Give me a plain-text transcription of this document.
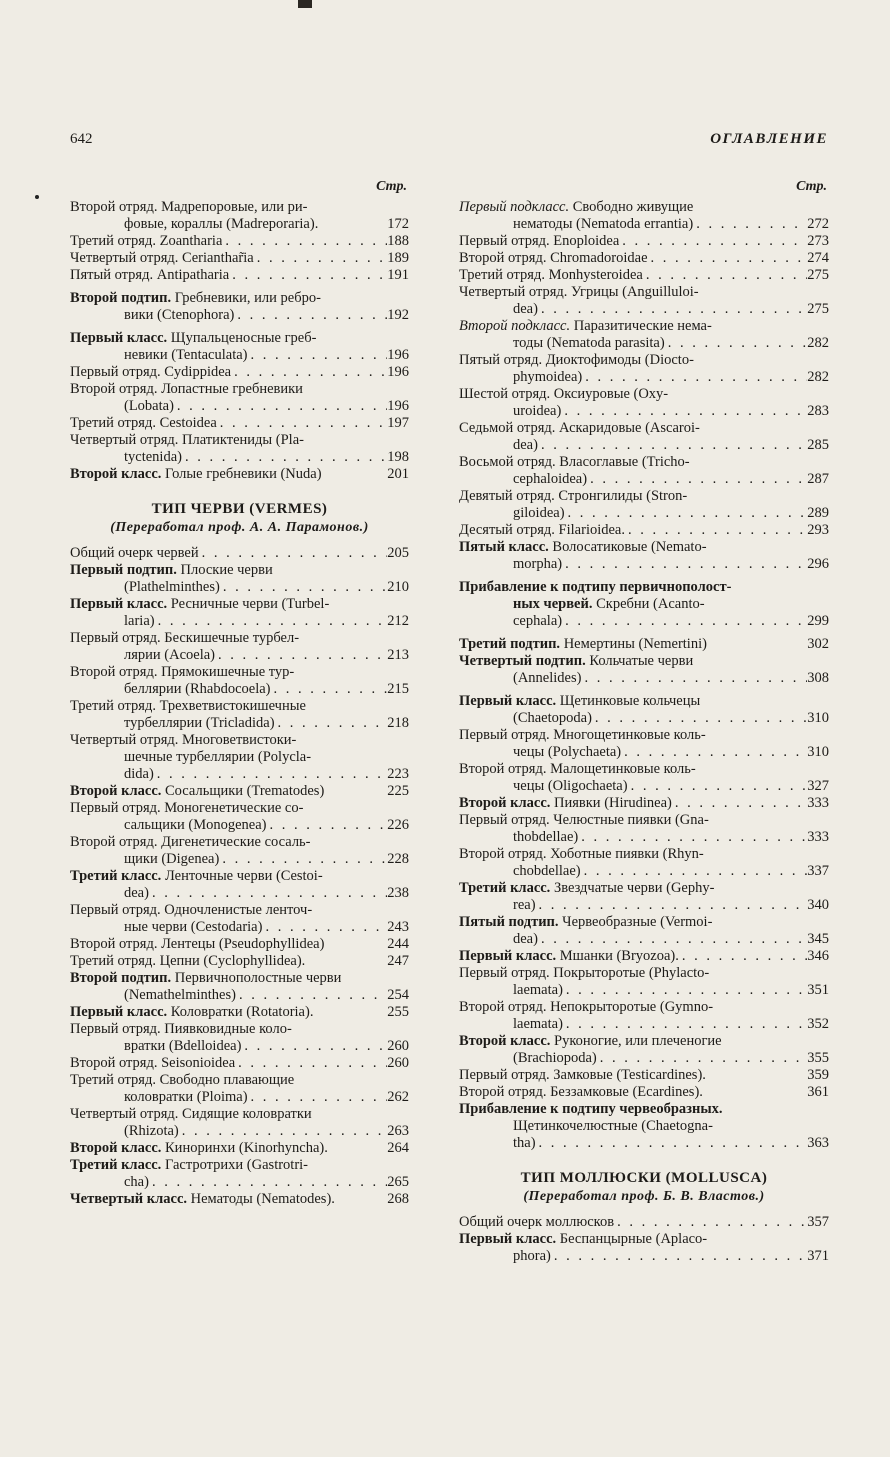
642	ОГЛАВЛЕНИЕ
Стр.
Второй отряд. Мадрепоровые, или ри-
фовые, кораллы (Madreporaria).	172
Третий отряд. Zoantharia . . .	188
Четвертый отряд. Cerianthar̃ia . . .	189
Пятый отряд. Antipatharia . . .	191
Второй подтип. Гребневики, или ребро-
вики (Ctenophora) . . .	192
Первый класс. Щупальценосные греб-
невики (Tentaculata) . . .	196
Первый отряд. Cydippidea . . .	196
Второй отряд. Лопастные гребневики
(Lobata) . . .	196
Третий отряд. Cestoidea . . .	197
Четвертый отряд. Платиктениды (Pla-
tyctenida) . . .	198
Второй класс. Голые гребневики (Nuda)	201
ТИП ЧЕРВИ (VERMES)
(Переработал проф. А. А. Парамонов.)
Общий очерк червей . . .	205
Первый подтип. Плоские черви
(Plathelminthes) . . .	210
Первый класс. Ресничные черви (Turbel-
laria) . . .	212
Первый отряд. Бескишечные турбел-
лярии (Acoela) . . .	213
Второй отряд. Прямокишечные тур-
беллярии (Rhabdocoela) . . .	215
Третий отряд. Трехветвистокишечные
турбеллярии (Tricladida) . . .	218
Четвертый отряд. Многоветвистоки-
шечные турбеллярии (Polycla-
dida) . . .	223
Второй класс. Сосальщики (Trematodes)	225
Первый отряд. Моногенетические со-
сальщики (Monogenea) . . .	226
Второй отряд. Дигенетические сосаль-
щики (Digenea) . . .	228
Третий класс. Ленточные черви (Cestoi-
dea) . . .	238
Первый отряд. Одночленистые ленточ-
ные черви (Cestodaria) . . .	243
Второй отряд. Лентецы (Pseudophyllidea)	244
Третий отряд. Цепни (Cyclophyllidea).	247
Второй подтип. Первичнополостные черви
(Nemathelminthes) . . .	254
Первый класс. Коловратки (Rotatoria).	255
Первый отряд. Пиявковидные коло-
вратки (Bdelloidea) . . .	260
Второй отряд. Seisonioidea . . .	260
Третий отряд. Свободно плавающие
коловратки (Ploima) . . .	262
Четвертый отряд. Сидящие коловратки
(Rhizota) . . .	263
Второй класс. Киноринхи (Kinorhyncha).	264
Третий класс. Гастротрихи (Gastrotri-
cha) . . .	265
Четвертый класс. Нематоды (Nematodes).	268
Стр.
Первый подкласс. Свободно живущие
нематоды (Nematoda errantia) . . .	272
Первый отряд. Enoploidea . . .	273
Второй отряд. Chromadoroidae . . .	274
Третий отряд. Monhysteroidea . . .	275
Четвертый отряд. Угрицы (Anguilluloi-
dea) . . .	275
Второй подкласс. Паразитические нема-
тоды (Nematoda parasita) . . .	282
Пятый отряд. Диоктофимоды (Diocto-
phymoidea) . . .	282
Шестой отряд. Оксиуровые (Oxy-
uroidea) . . .	283
Седьмой отряд. Аскаридовые (Ascaroi-
dea) . . .	285
Восьмой отряд. Власоглавые (Tricho-
cephaloidea) . . .	287
Девятый отряд. Стронгилиды (Stron-
giloidea) . . .	289
Десятый отряд. Filarioidea. . . .	293
Пятый класс. Волосатиковые (Nemato-
morpha) . . .	296
Прибавление к подтипу первичнополост-
ных червей. Скребни (Acanto-
cephala) . . .	299
Третий подтип. Немертины (Nemertini)	302
Четвертый подтип. Кольчатые черви
(Annelides) . . .	308
Первый класс. Щетинковые кольчецы
(Chaetopoda) . . .	310
Первый отряд. Многощетинковые коль-
чецы (Polychaeta) . . .	310
Второй отряд. Малощетинковые коль-
чецы (Oligochaeta) . . .	327
Второй класс. Пиявки (Hirudinea) . . .	333
Первый отряд. Челюстные пиявки (Gna-
thobdellae) . . .	333
Второй отряд. Хоботные пиявки (Rhyn-
chobdellae) . . .	337
Третий класс. Звездчатые черви (Gephy-
rea) . . .	340
Пятый подтип. Червеобразные (Vermoi-
dea) . . .	345
Первый класс. Мшанки (Bryozoa). . . .	346
Первый отряд. Покрыторотые (Phylacto-
laemata) . . .	351
Второй отряд. Непокрыторотые (Gymno-
laemata) . . .	352
Второй класс. Руконогие, или плеченогие
(Brachiopoda) . . .	355
Первый отряд. Замковые (Testicardines).	359
Второй отряд. Беззамковые (Ecardines).	361
Прибавление к подтипу червеобразных.
Щетинкочелюстные (Chaetogna-
tha) . . .	363
ТИП МОЛЛЮСКИ (MOLLUSCA)
(Переработал проф. Б. В. Властов.)
Общий очерк моллюсков . . .	357
Первый класс. Беспанцырные (Aplaco-
phora) . . .	371
